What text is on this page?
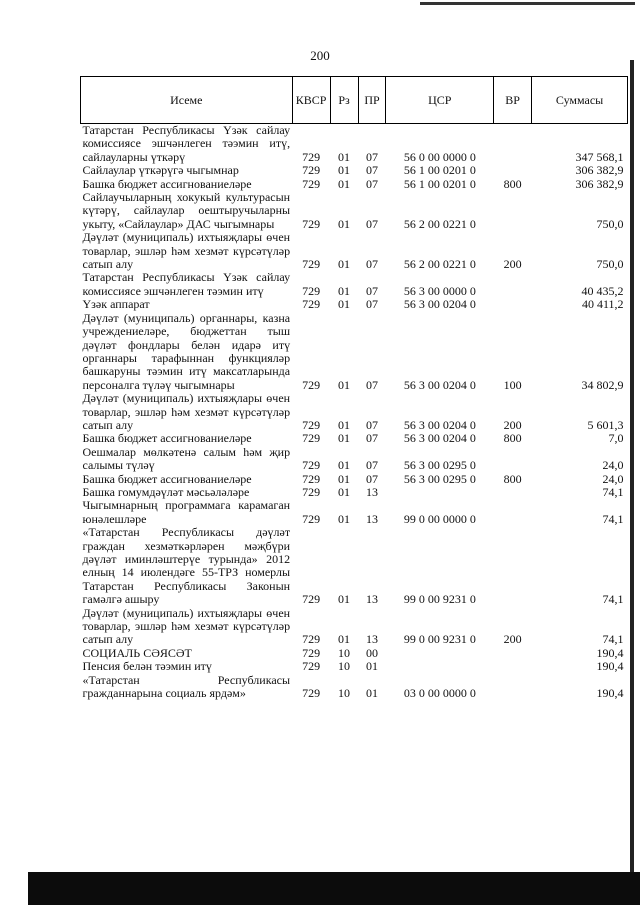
200
Исеме	КВСР	Рз	ПР	ЦСР	ВР	Суммасы
Татарстан Республикасы Үзәк сайлау комиссиясе эшчәнлеген тәэмин итү, сайлауларны үткәрү	729	01	07	56 0 00 0000 0		347 568,1
Сайлаулар үткәрүгә чыгымнар	729	01	07	56 1 00 0201 0		306 382,9
Башка бюджет ассигнованиеләре	729	01	07	56 1 00 0201 0	800	306 382,9
Сайлаучыларның хокукый культурасын күтәрү, сайлаулар оештыручыларны укыту, «Сайлаулар» ДАС чыгымнары	729	01	07	56 2 00 0221 0		750,0
Дәүләт (муниципаль) ихтыяҗлары өчен товарлар, эшләр һәм хезмәт күрсәтүләр сатып алу	729	01	07	56 2 00 0221 0	200	750,0
Татарстан Республикасы Үзәк сайлау комиссиясе эшчәнлеген тәэмин итү	729	01	07	56 3 00 0000 0		40 435,2
Үзәк аппарат	729	01	07	56 3 00 0204 0		40 411,2
Дәүләт (муниципаль) органнары, казна учреждениеләре, бюджеттан тыш дәүләт фондлары белән идарә итү органнары тарафыннан функцияләр башкаруны тәэмин итү максатларында персоналга түләү чыгымнары	729	01	07	56 3 00 0204 0	100	34 802,9
Дәүләт (муниципаль) ихтыяҗлары өчен товарлар, эшләр һәм хезмәт күрсәтүләр сатып алу	729	01	07	56 3 00 0204 0	200	5 601,3
Башка бюджет ассигнованиеләре	729	01	07	56 3 00 0204 0	800	7,0
Оешмалар мөлкәтенә салым һәм җир салымы түләү	729	01	07	56 3 00 0295 0		24,0
Башка бюджет ассигнованиеләре	729	01	07	56 3 00 0295 0	800	24,0
Башка гомумдәүләт мәсьәләләре	729	01	13			74,1
Чыгымнарның программага карамаган юнәлешләре	729	01	13	99 0 00 0000 0		74,1
«Татарстан Республикасы дәүләт граждан хезмәткәрләрен мәҗбүри дәүләт иминләштерүе турында» 2012 елның 14 июлендәге 55-ТРЗ номерлы Татарстан Республикасы Законын гамәлгә ашыру	729	01	13	99 0 00 9231 0		74,1
Дәүләт (муниципаль) ихтыяҗлары өчен товарлар, эшләр һәм хезмәт күрсәтүләр сатып алу	729	01	13	99 0 00 9231 0	200	74,1
СОЦИАЛЬ СӘЯСӘТ	729	10	00			190,4
Пенсия белән тәэмин итү	729	10	01			190,4
«Татарстан Республикасы гражданнарына социаль ярдәм»	729	10	01	03 0 00 0000 0		190,4
